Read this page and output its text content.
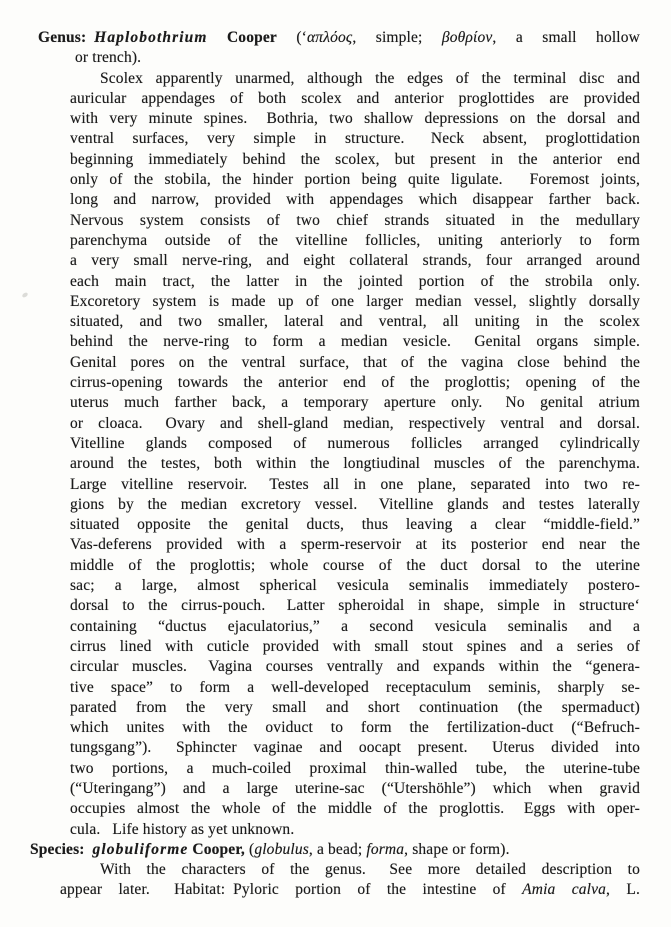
Genus: Haplobothrium Cooper (‘απλόος, simple; βοθρίον, a small hollow
or trench).
Scolex apparently unarmed, although the edges of the terminal disc and
auricular appendages of both scolex and anterior proglottides are provided
with very minute spines.  Bothria, two shallow depressions on the dorsal and
ventral surfaces, very simple in structure.  Neck absent, proglottidation
beginning immediately behind the scolex, but present in the anterior end
only of the stobila, the hinder portion being quite ligulate.  Foremost joints,
long and narrow, provided with appendages which disappear farther back.
Nervous system consists of two chief strands situated in the medullary
parenchyma outside of the vitelline follicles, uniting anteriorly to form
a very small nerve-ring, and eight collateral strands, four arranged around
each main tract, the latter in the jointed portion of the strobila only.
Excoretory system is made up of one larger median vessel, slightly dorsally
situated, and two smaller, lateral and ventral, all uniting in the scolex
behind the nerve-ring to form a median vesicle.  Genital organs simple.
Genital pores on the ventral surface, that of the vagina close behind the
cirrus-opening towards the anterior end of the proglottis; opening of the
uterus much farther back, a temporary aperture only.  No genital atrium
or cloaca.  Ovary and shell-gland median, respectively ventral and dorsal.
Vitelline glands composed of numerous follicles arranged cylindrically
around the testes, both within the longtiudinal muscles of the parenchyma.
Large vitelline reservoir.  Testes all in one plane, separated into two re-
gions by the median excretory vessel.  Vitelline glands and testes laterally
situated opposite the genital ducts, thus leaving a clear “middle-field.”
Vas-deferens provided with a sperm-reservoir at its posterior end near the
middle of the proglottis; whole course of the duct dorsal to the uterine
sac; a large, almost spherical vesicula seminalis immediately postero-
dorsal to the cirrus-pouch.  Latter spheroidal in shape, simple in structure‘
containing “ductus ejaculatorius,” a second vesicula seminalis and a
cirrus lined with cuticle provided with small stout spines and a series of
circular muscles.  Vagina courses ventrally and expands within the “genera-
tive space” to form a well-developed receptaculum seminis, sharply se-
parated from the very small and short continuation (the spermaduct)
which unites with the oviduct to form the fertilization-duct (“Befruch-
tungsgang”).  Sphincter vaginae and oocapt present.  Uterus divided into
two portions, a much-coiled proximal thin-walled tube, the uterine-tube
(“Uteringang”) and a large uterine-sac (“Utershöhle”) which when gravid
occupies almost the whole of the middle of the proglottis.  Eggs with oper-
cula.  Life history as yet unknown.
Species: globuliforme Cooper, (globulus, a bead; forma, shape or form).
With the characters of the genus.  See more detailed description to
appear later.  Habitat: Pyloric portion of the intestine of Amia calva, L.
